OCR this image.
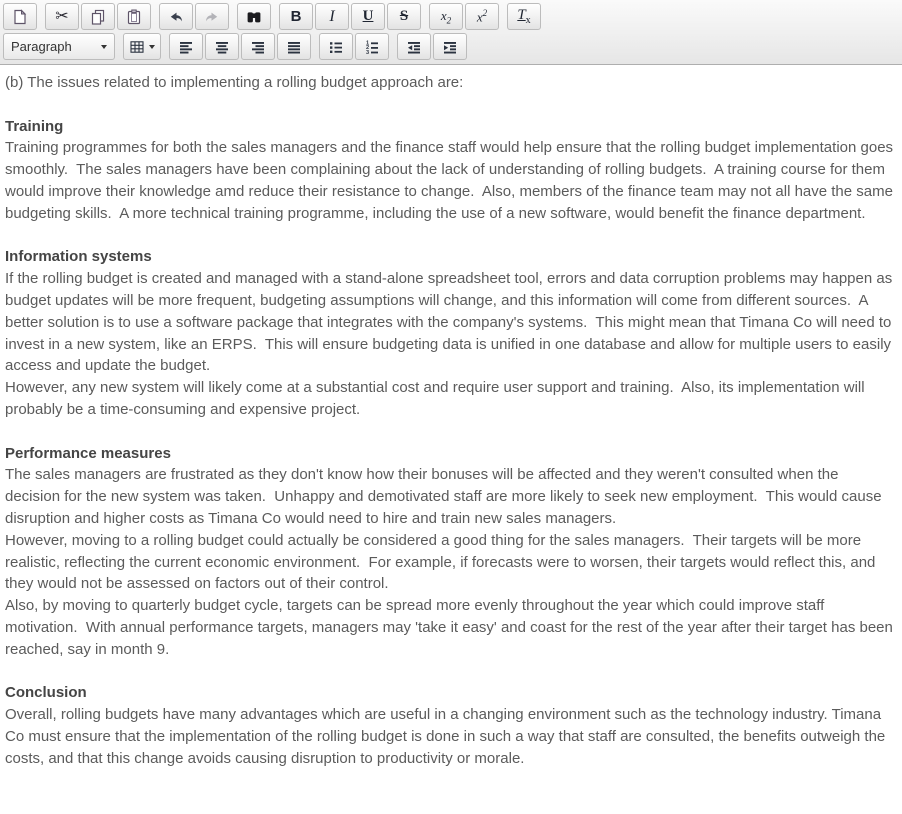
✂	B I U S	$x_2$ $x^2$ $T_x$
Paragraph	1
2
3

(b) The issues related to implementing a rolling budget approach are:

Training

Training programmes for both the sales managers and the finance staff would help ensure that the rolling budget implementation goes smoothly.  The sales managers have been complaining about the lack of understanding of rolling budgets.  A training course for them would improve their knowledge amd reduce their resistance to change.  Also, members of the finance team may not all have the same budgeting skills.  A more technical training programme, including the use of a new software, would benefit the finance department.

Information systems

If the rolling budget is created and managed with a stand-alone spreadsheet tool, errors and data corruption problems may happen as budget updates will be more frequent, budgeting assumptions will change, and this information will come from different sources.  A better solution is to use a software package that integrates with the company's systems.  This might mean that Timana Co will need to invest in a new system, like an ERPS.  This will ensure budgeting data is unified in one database and allow for multiple users to easily access and update the budget.

However, any new system will likely come at a substantial cost and require user support and training.  Also, its implementation will probably be a time-consuming and expensive project.

Performance measures

The sales managers are frustrated as they don't know how their bonuses will be affected and they weren't consulted when the decision for the new system was taken.  Unhappy and demotivated staff are more likely to seek new employment.  This would cause disruption and higher costs as Timana Co would need to hire and train new sales managers.

However, moving to a rolling budget could actually be considered a good thing for the sales managers.  Their targets will be more realistic, reflecting the current economic environment.  For example, if forecasts were to worsen, their targets would reflect this, and they would not be assessed on factors out of their control.

Also, by moving to quarterly budget cycle, targets can be spread more evenly throughout the year which could improve staff motivation.  With annual performance targets, managers may 'take it easy' and coast for the rest of the year after their target has been reached, say in month 9.

Conclusion

Overall, rolling budgets have many advantages which are useful in a changing environment such as the technology industry. Timana Co must ensure that the implementation of the rolling budget is done in such a way that staff are consulted, the benefits outweigh the costs, and that this change avoids causing disruption to productivity or morale.
